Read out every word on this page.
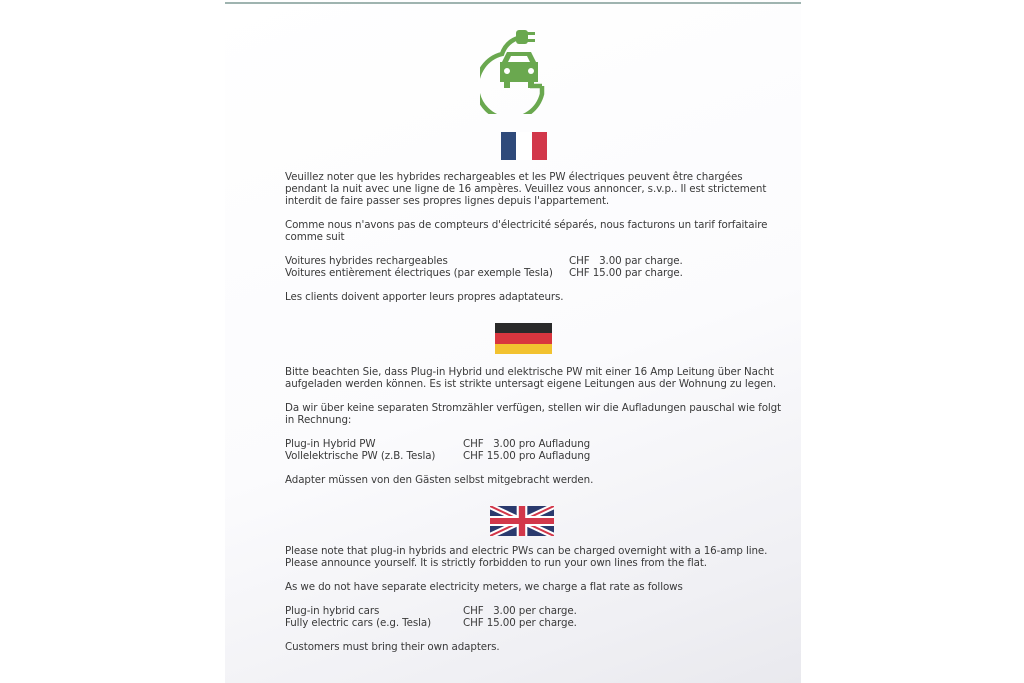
Veuillez noter que les hybrides rechargeables et les PW électriques peuvent être chargées pendant la nuit avec une ligne de 16 ampères. Veuillez vous annoncer, s.v.p.. Il est strictement interdit de faire passer ses propres lignes depuis l'appartement.

Comme nous n'avons pas de compteurs d'électricité séparés, nous facturons un tarif forfaitaire comme suit

Voitures hybrides rechargeables	CHF   3.00 par charge.
Voitures entièrement électriques (par exemple Tesla)	CHF 15.00 par charge.

Les clients doivent apporter leurs propres adaptateurs.

Bitte beachten Sie, dass Plug-in Hybrid und elektrische PW mit einer 16 Amp Leitung über Nacht aufgeladen werden können. Es ist strikte untersagt eigene Leitungen aus der Wohnung zu legen.

Da wir über keine separaten Stromzähler verfügen, stellen wir die Aufladungen pauschal wie folgt in Rechnung:

Plug-in Hybrid PW	CHF   3.00 pro Aufladung
Vollelektrische PW (z.B. Tesla)	CHF 15.00 pro Aufladung

Adapter müssen von den Gästen selbst mitgebracht werden.

Please note that plug-in hybrids and electric PWs can be charged overnight with a 16-amp line. Please announce yourself. It is strictly forbidden to run your own lines from the flat.

As we do not have separate electricity meters, we charge a flat rate as follows

Plug-in hybrid cars	CHF   3.00 per charge.
Fully electric cars (e.g. Tesla)	CHF 15.00 per charge.

Customers must bring their own adapters.
